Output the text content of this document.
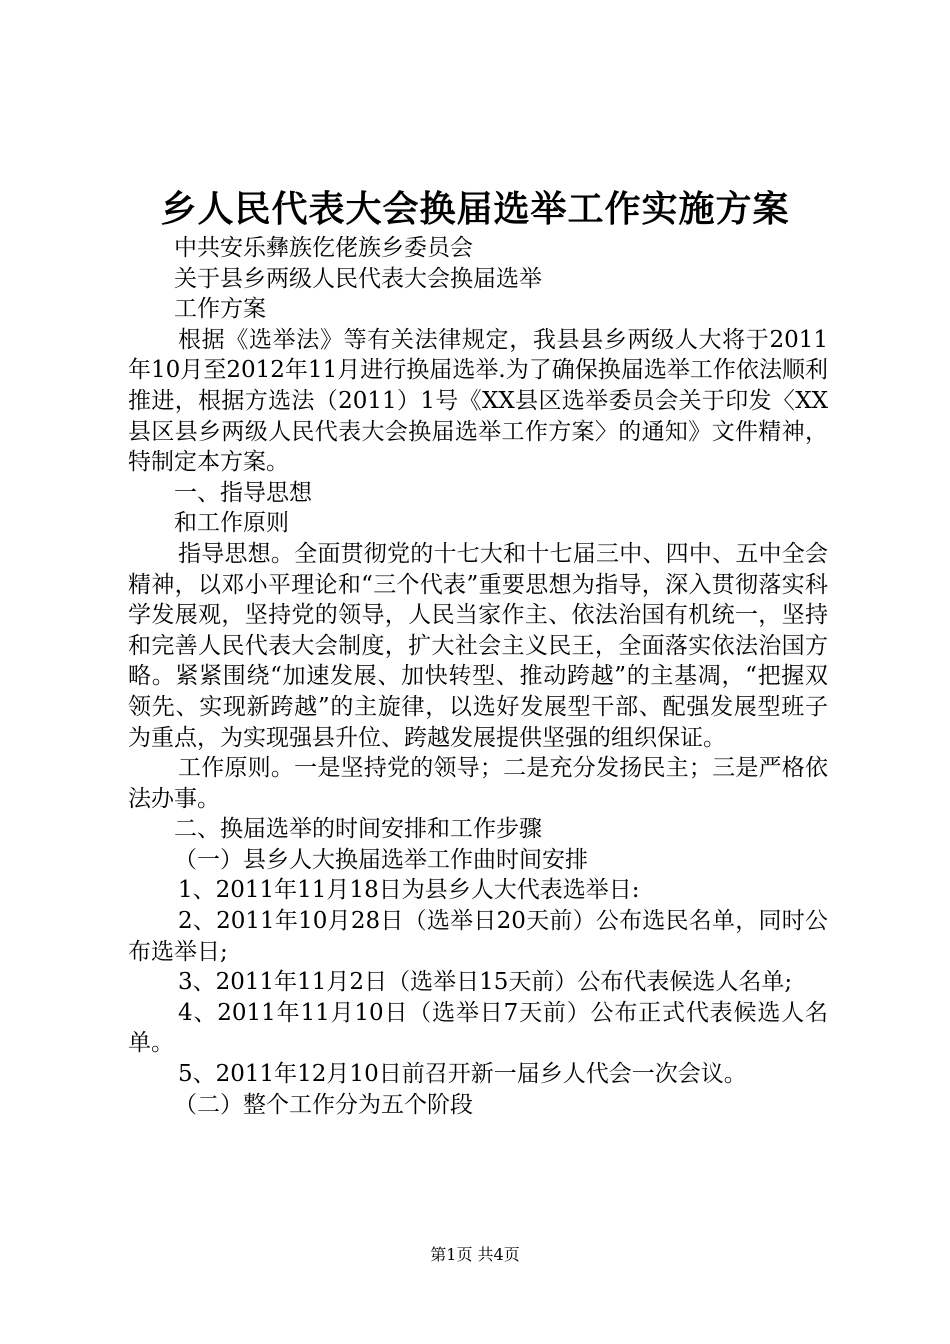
乡人民代表大会换届选举工作实施方案

中共安乐彝族仡佬族乡委员会

关于县乡两级人民代表大会换届选举

工作方案

根据《选举法》等有关法律规定，我县县乡两级人大将于2011年10月至2012年11月进行换届选举.为了确保换届选举工作依法顺利推进，根据方选法（2011）1号《XX县区选举委员会关于印发〈XX县区县乡两级人民代表大会换届选举工作方案〉的通知》文件精神，特制定本方案。

一、指导思想

和工作原则

指导思想。全面贯彻党的十七大和十七届三中、四中、五中全会精神，以邓小平理论和“三个代表”重要思想为指导，深入贯彻落实科学发展观，坚持党的领导，人民当家作主、依法治国有机统一，坚持和完善人民代表大会制度，扩大社会主义民王，全面落实依法治国方略。紧紧围绕“加速发展、加快转型、推动跨越”的主基凋，“把握双领先、实现新跨越”的主旋律，以选好发展型干部、配强发展型班子为重点，为实现强县升位、跨越发展提供坚强的组织保证。

工作原则。一是坚持党的领导；二是充分发扬民主；三是严格依法办事。

二、换届选举的时间安排和工作步骤

（一）县乡人大换届选举工作曲时间安排

1、2011年11月18日为县乡人大代表选举日:

2、2011年10月28日（选举日20天前）公布选民名单，同时公布选举日;

3、2011年11月2日（选举日15天前）公布代表候选人名单;

4、2011年11月10日（选举日7天前）公布正式代表候选人名单。

5、2011年12月10日前召开新一届乡人代会一次会议。

（二）整个工作分为五个阶段

第1页 共4页
